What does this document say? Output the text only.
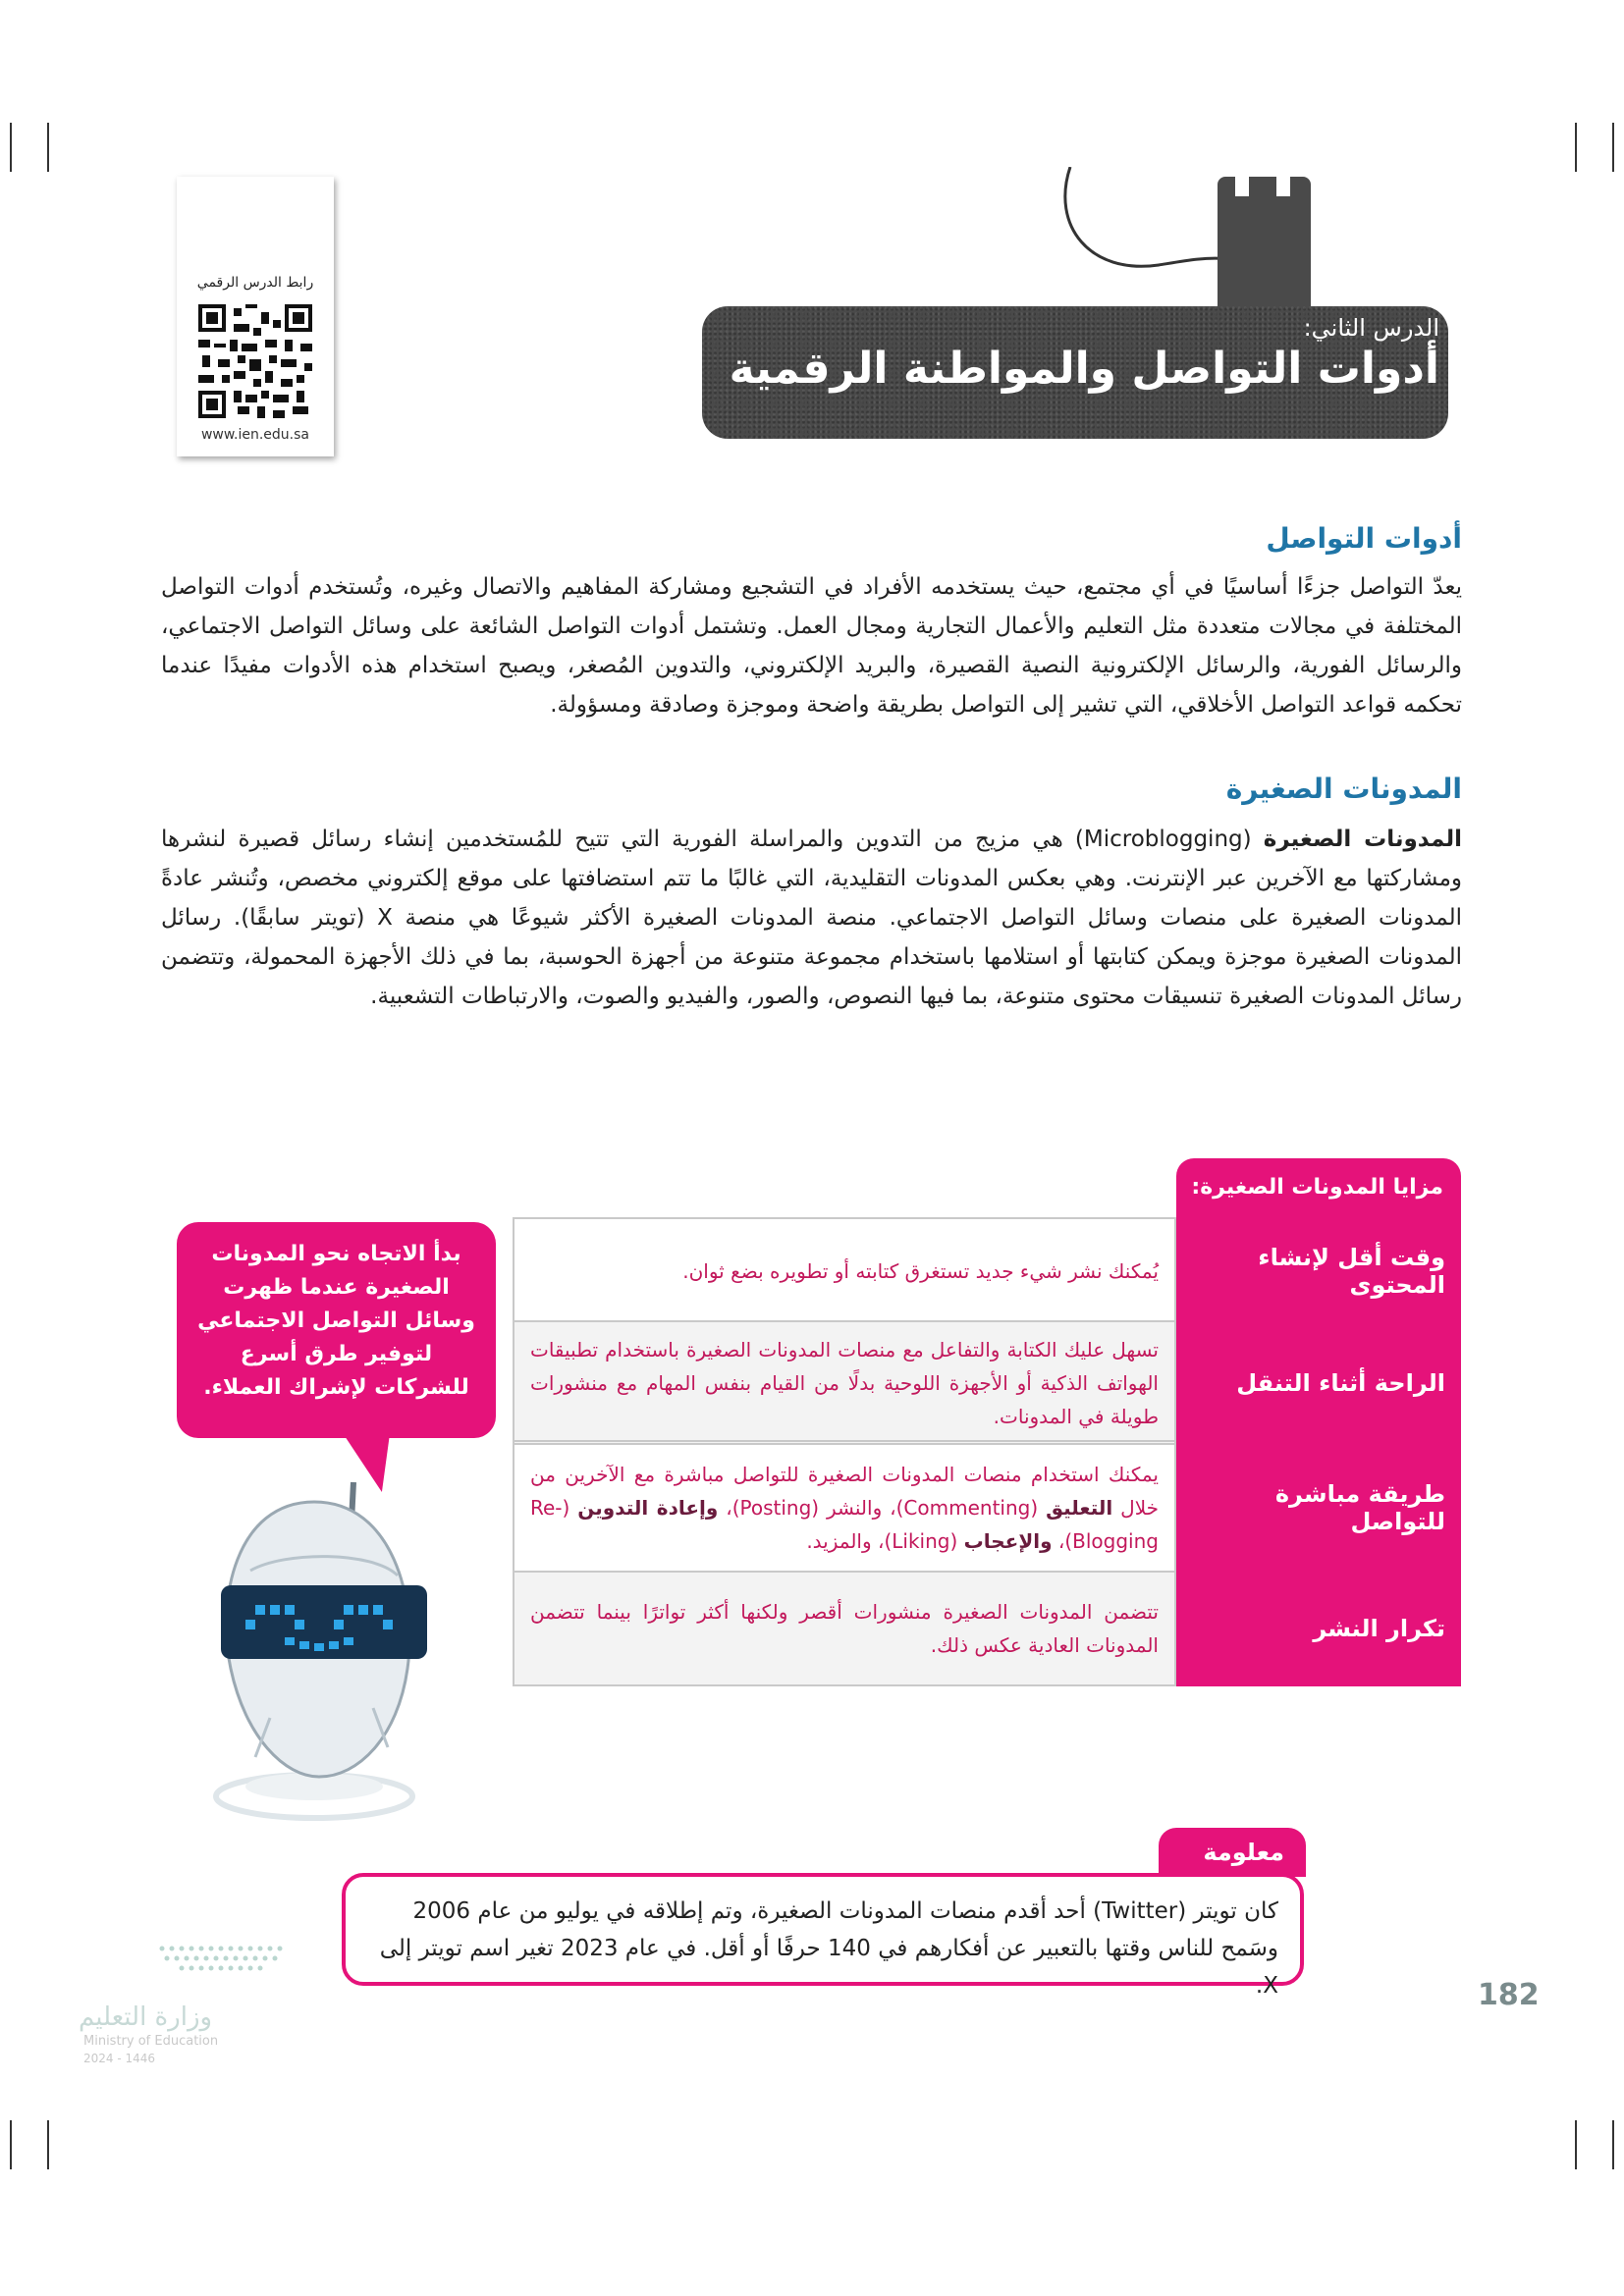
الدرس الثاني:
أدوات التواصل والمواطنة الرقمية
رابط الدرس الرقمي
www.ien.edu.sa
أدوات التواصل

يعدّ التواصل جزءًا أساسيًا في أي مجتمع، حيث يستخدمه الأفراد في التشجيع ومشاركة المفاهيم والاتصال وغيره، وتُستخدم أدوات التواصل المختلفة في مجالات متعددة مثل التعليم والأعمال التجارية ومجال العمل. وتشتمل أدوات التواصل الشائعة على وسائل التواصل الاجتماعي، والرسائل الفورية، والرسائل الإلكترونية النصية القصيرة، والبريد الإلكتروني، والتدوين المُصغر، ويصبح استخدام هذه الأدوات مفيدًا عندما تحكمه قواعد التواصل الأخلاقي، التي تشير إلى التواصل بطريقة واضحة وموجزة وصادقة ومسؤولة.

المدونات الصغيرة

المدونات الصغيرة (Microblogging) هي مزيج من التدوين والمراسلة الفورية التي تتيح للمُستخدمين إنشاء رسائل قصيرة لنشرها ومشاركتها مع الآخرين عبر الإنترنت. وهي بعكس المدونات التقليدية، التي غالبًا ما تتم استضافتها على موقع إلكتروني مخصص، وتُنشر عادةً المدونات الصغيرة على منصات وسائل التواصل الاجتماعي. منصة المدونات الصغيرة الأكثر شيوعًا هي منصة X (تويتر سابقًا). رسائل المدونات الصغيرة موجزة ويمكن كتابتها أو استلامها باستخدام مجموعة متنوعة من أجهزة الحوسبة، بما في ذلك الأجهزة المحمولة، وتتضمن رسائل المدونات الصغيرة تنسيقات محتوى متنوعة، بما فيها النصوص، والصور، والفيديو والصوت، والارتباطات التشعبية.

مزايا المدونات الصغيرة:
وقت أقل لإنشاء المحتوى
يُمكنك نشر شيء جديد تستغرق كتابته أو تطويره بضع ثوان.
الراحة أثناء التنقل
تسهل عليك الكتابة والتفاعل مع منصات المدونات الصغيرة باستخدام تطبيقات الهواتف الذكية أو الأجهزة اللوحية بدلًا من القيام بنفس المهام مع منشورات طويلة في المدونات.
طريقة مباشرة للتواصل
يمكنك استخدام منصات المدونات الصغيرة للتواصل مباشرة مع الآخرين من خلال التعليق (Commenting)، والنشر (Posting)، وإعادة التدوين (Re-Blogging)، والإعجاب (Liking)، والمزيد.
تكرار النشر
تتضمن المدونات الصغيرة منشورات أقصر ولكنها أكثر تواترًا بينما تتضمن المدونات العادية عكس ذلك.
بدأ الاتجاه نحو المدونات الصغيرة عندما ظهرت وسائل التواصل الاجتماعي لتوفير طرق أسرع للشركات لإشراك العملاء.
معلومة
كان تويتر (Twitter) أحد أقدم منصات المدونات الصغيرة، وتم إطلاقه في يوليو من عام 2006 وسَمح للناس وقتها بالتعبير عن أفكارهم في 140 حرفًا أو أقل. في عام 2023 تغير اسم تويتر إلى X.
وزارة التعليم
Ministry of Education
2024 - 1446
182
